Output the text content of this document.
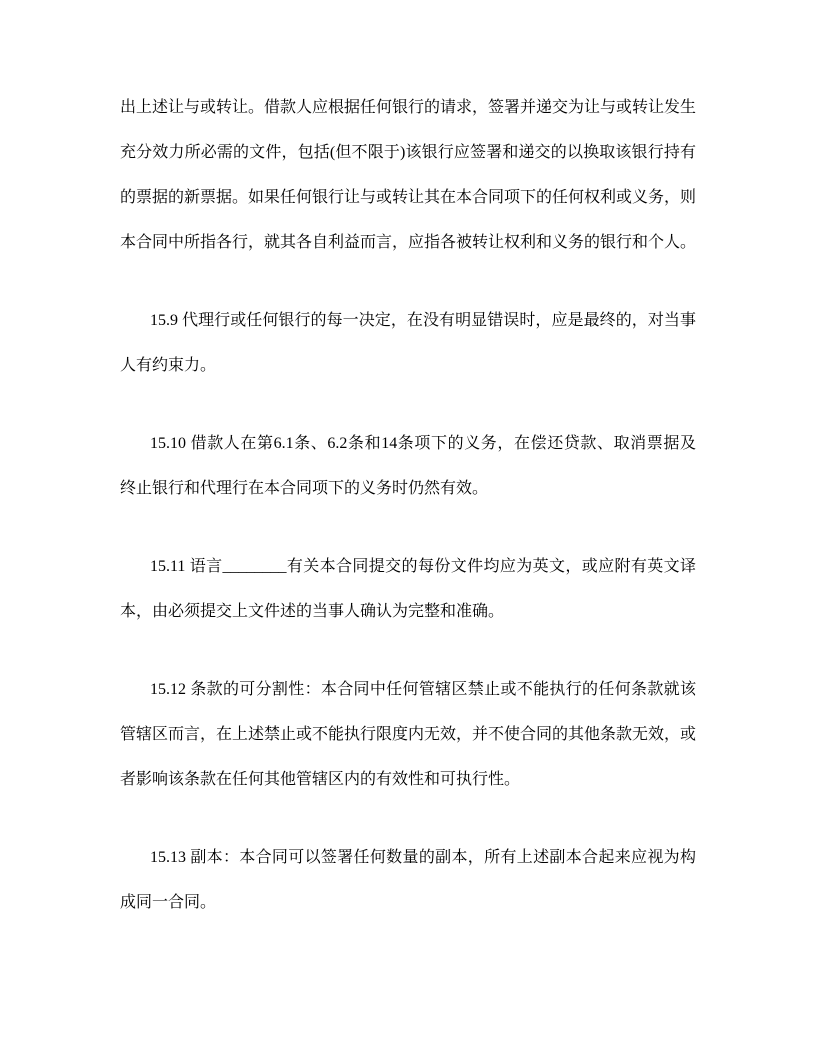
出上述让与或转让。借款人应根据任何银行的请求，签署并递交为让与或转让发生
充分效力所必需的文件，包括(但不限于)该银行应签署和递交的以换取该银行持有
的票据的新票据。如果任何银行让与或转让其在本合同项下的任何权利或义务，则
本合同中所指各行，就其各自利益而言，应指各被转让权利和义务的银行和个人。
15.9 代理行或任何银行的每一决定，在没有明显错误时，应是最终的，对当事
人有约束力。
15.10 借款人在第6.1条、6.2条和14条项下的义务，在偿还贷款、取消票据及
终止银行和代理行在本合同项下的义务时仍然有效。
15.11 语言________有关本合同提交的每份文件均应为英文，或应附有英文译
本，由必须提交上文件述的当事人确认为完整和准确。
15.12 条款的可分割性：本合同中任何管辖区禁止或不能执行的任何条款就该
管辖区而言，在上述禁止或不能执行限度内无效，并不使合同的其他条款无效，或
者影响该条款在任何其他管辖区内的有效性和可执行性。
15.13 副本：本合同可以签署任何数量的副本，所有上述副本合起来应视为构
成同一合同。
